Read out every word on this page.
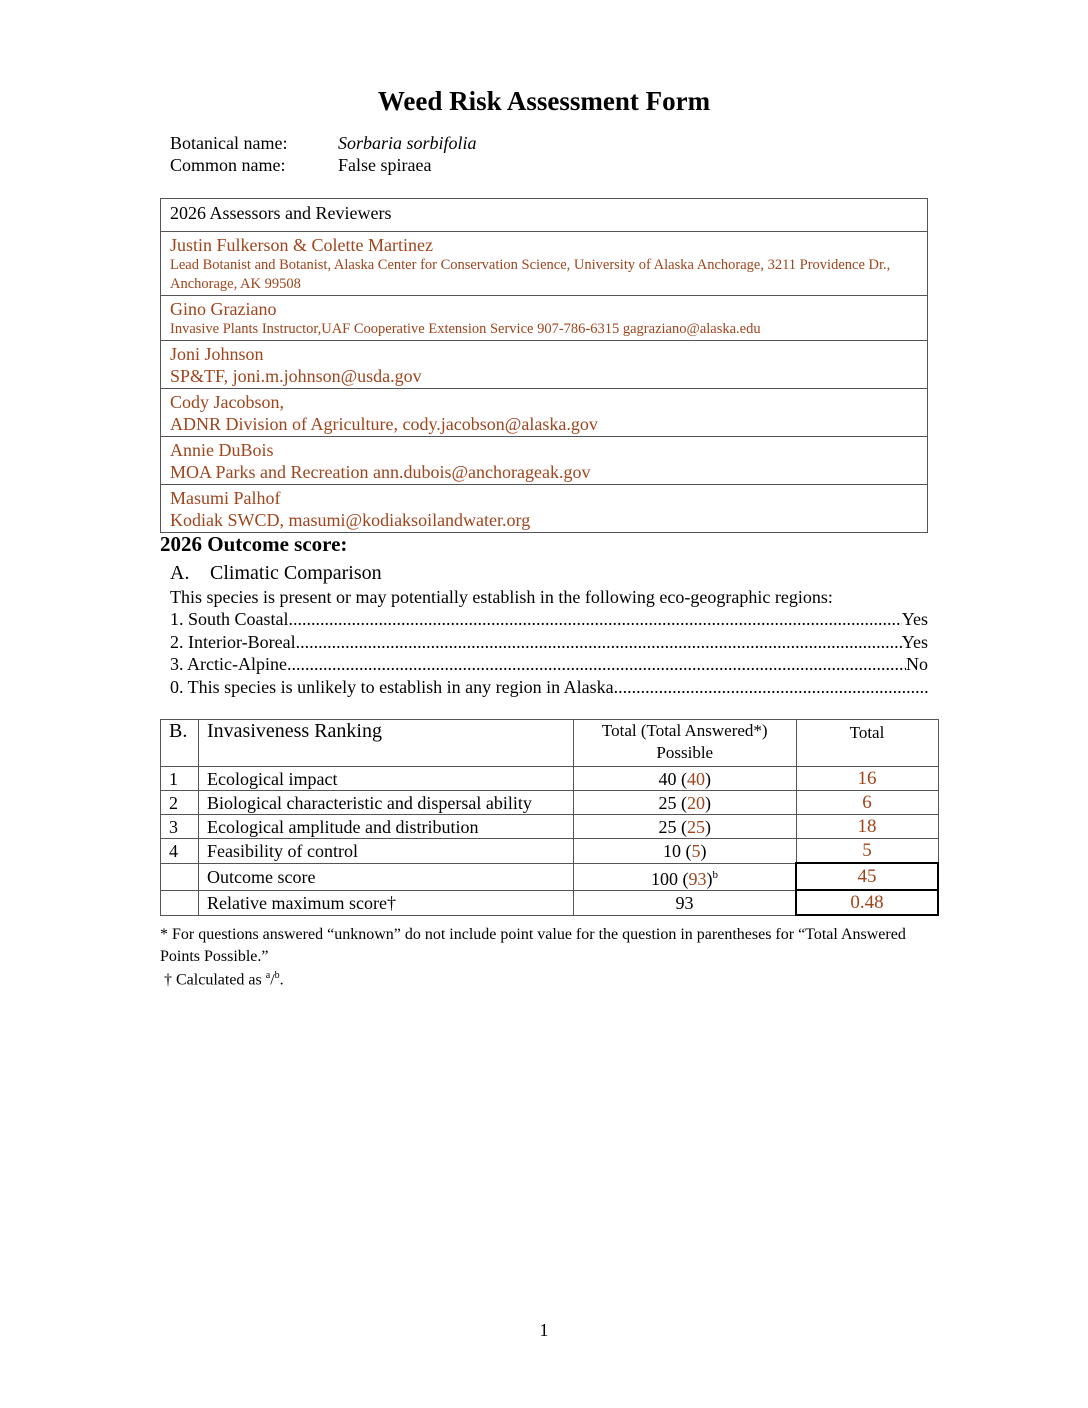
Weed Risk Assessment Form
Botanical name:	Sorbaria sorbifolia
Common name:	False spiraea
2026 Assessors and Reviewers

Justin Fulkerson & Colette Martinez
Lead Botanist and Botanist, Alaska Center for Conservation Science, University of Alaska Anchorage, 3211 Providence Dr., Anchorage, AK 99508

Gino Graziano
Invasive Plants Instructor,UAF Cooperative Extension Service 907-786-6315 gagraziano@alaska.edu

Joni Johnson
SP&TF, joni.m.johnson@usda.gov

Cody Jacobson,
ADNR Division of Agriculture, cody.jacobson@alaska.gov

Annie DuBois
MOA Parks and Recreation ann.dubois@anchorageak.gov

Masumi Palhof
Kodiak SWCD, masumi@kodiaksoilandwater.org
2026 Outcome score:
A. Climatic Comparison
This species is present or may potentially establish in the following eco-geographic regions:
1. South Coastal .....	Yes
2. Interior-Boreal .....	Yes
3. Arctic-Alpine .....	No
0. This species is unlikely to establish in any region in Alaska
.....
B.	Invasiveness Ranking	Total (Total Answered*) Possible	Total
1	Ecological impact	40 (40)	16
2	Biological characteristic and dispersal ability	25 (20)	6
3	Ecological amplitude and distribution	25 (25)	18
4	Feasibility of control	10 (5)	5
	Outcome score	100 $(93)^b$	45
	Relative maximum score†	93	0.48
* For questions answered “unknown” do not include point value for the question in parentheses for “Total Answered Points Possible.”
† Calculated as $^a$/$^b$.
1
